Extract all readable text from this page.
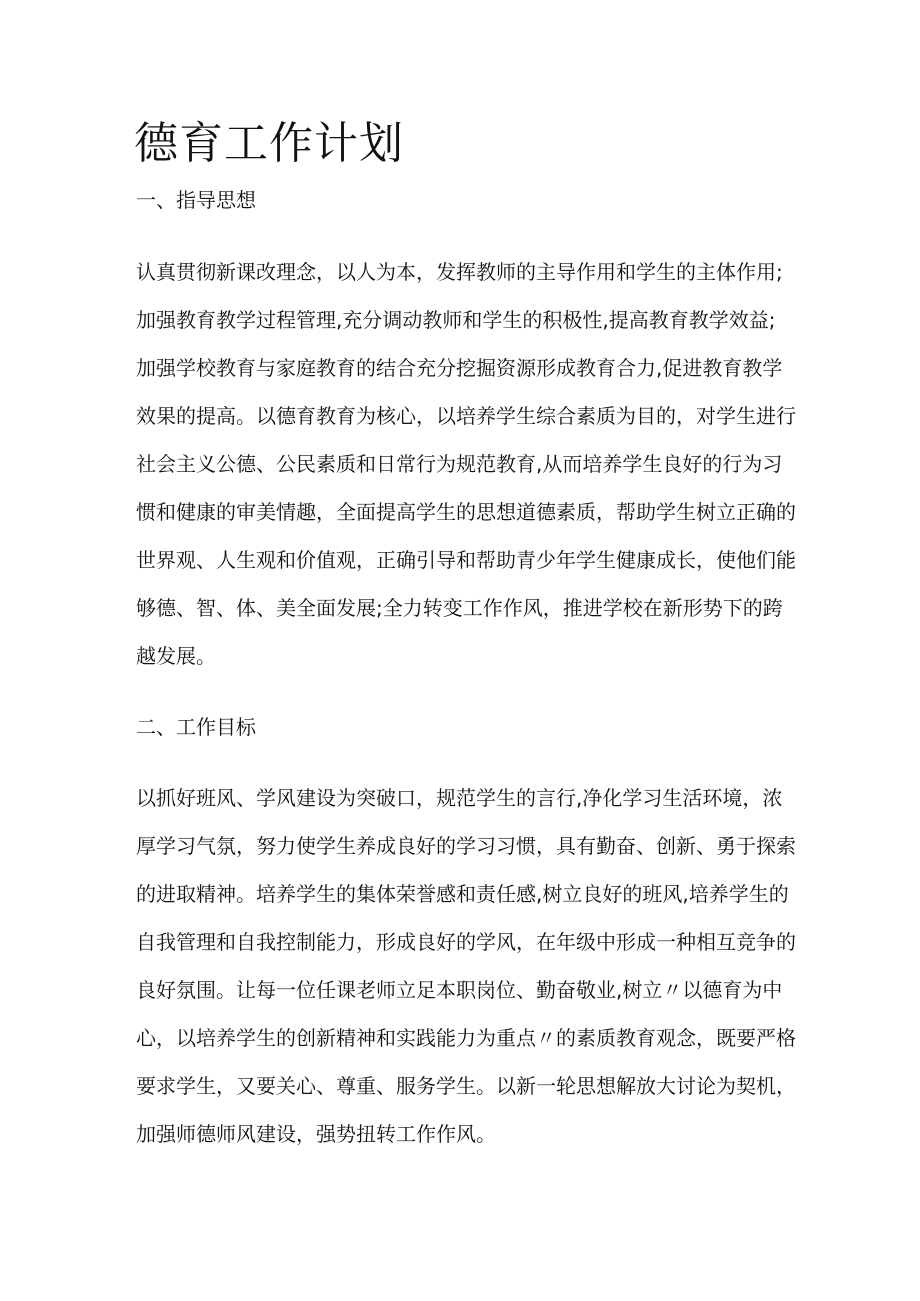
德育工作计划
一、指导思想

认真贯彻新课改理念，以人为本，发挥教师的主导作用和学生的主体作用;

加强教育教学过程管理,充分调动教师和学生的积极性,提高教育教学效益;

加强学校教育与家庭教育的结合充分挖掘资源形成教育合力,促进教育教学

效果的提高。以德育教育为核心，以培养学生综合素质为目的，对学生进行

社会主义公德、公民素质和日常行为规范教育,从而培养学生良好的行为习

惯和健康的审美情趣，全面提高学生的思想道德素质，帮助学生树立正确的

世界观、人生观和价值观，正确引导和帮助青少年学生健康成长，使他们能

够德、智、体、美全面发展;全力转变工作作风，推进学校在新形势下的跨

越发展。

二、工作目标

以抓好班风、学风建设为突破口，规范学生的言行,净化学习生活环境，浓

厚学习气氛，努力使学生养成良好的学习习惯，具有勤奋、创新、勇于探索

的进取精神。培养学生的集体荣誉感和责任感,树立良好的班风,培养学生的

自我管理和自我控制能力，形成良好的学风，在年级中形成一种相互竞争的

良好氛围。让每一位任课老师立足本职岗位、勤奋敬业,树立〃以德育为中

心，以培养学生的创新精神和实践能力为重点〃的素质教育观念，既要严格

要求学生，又要关心、尊重、服务学生。以新一轮思想解放大讨论为契机，

加强师德师风建设，强势扭转工作作风。
